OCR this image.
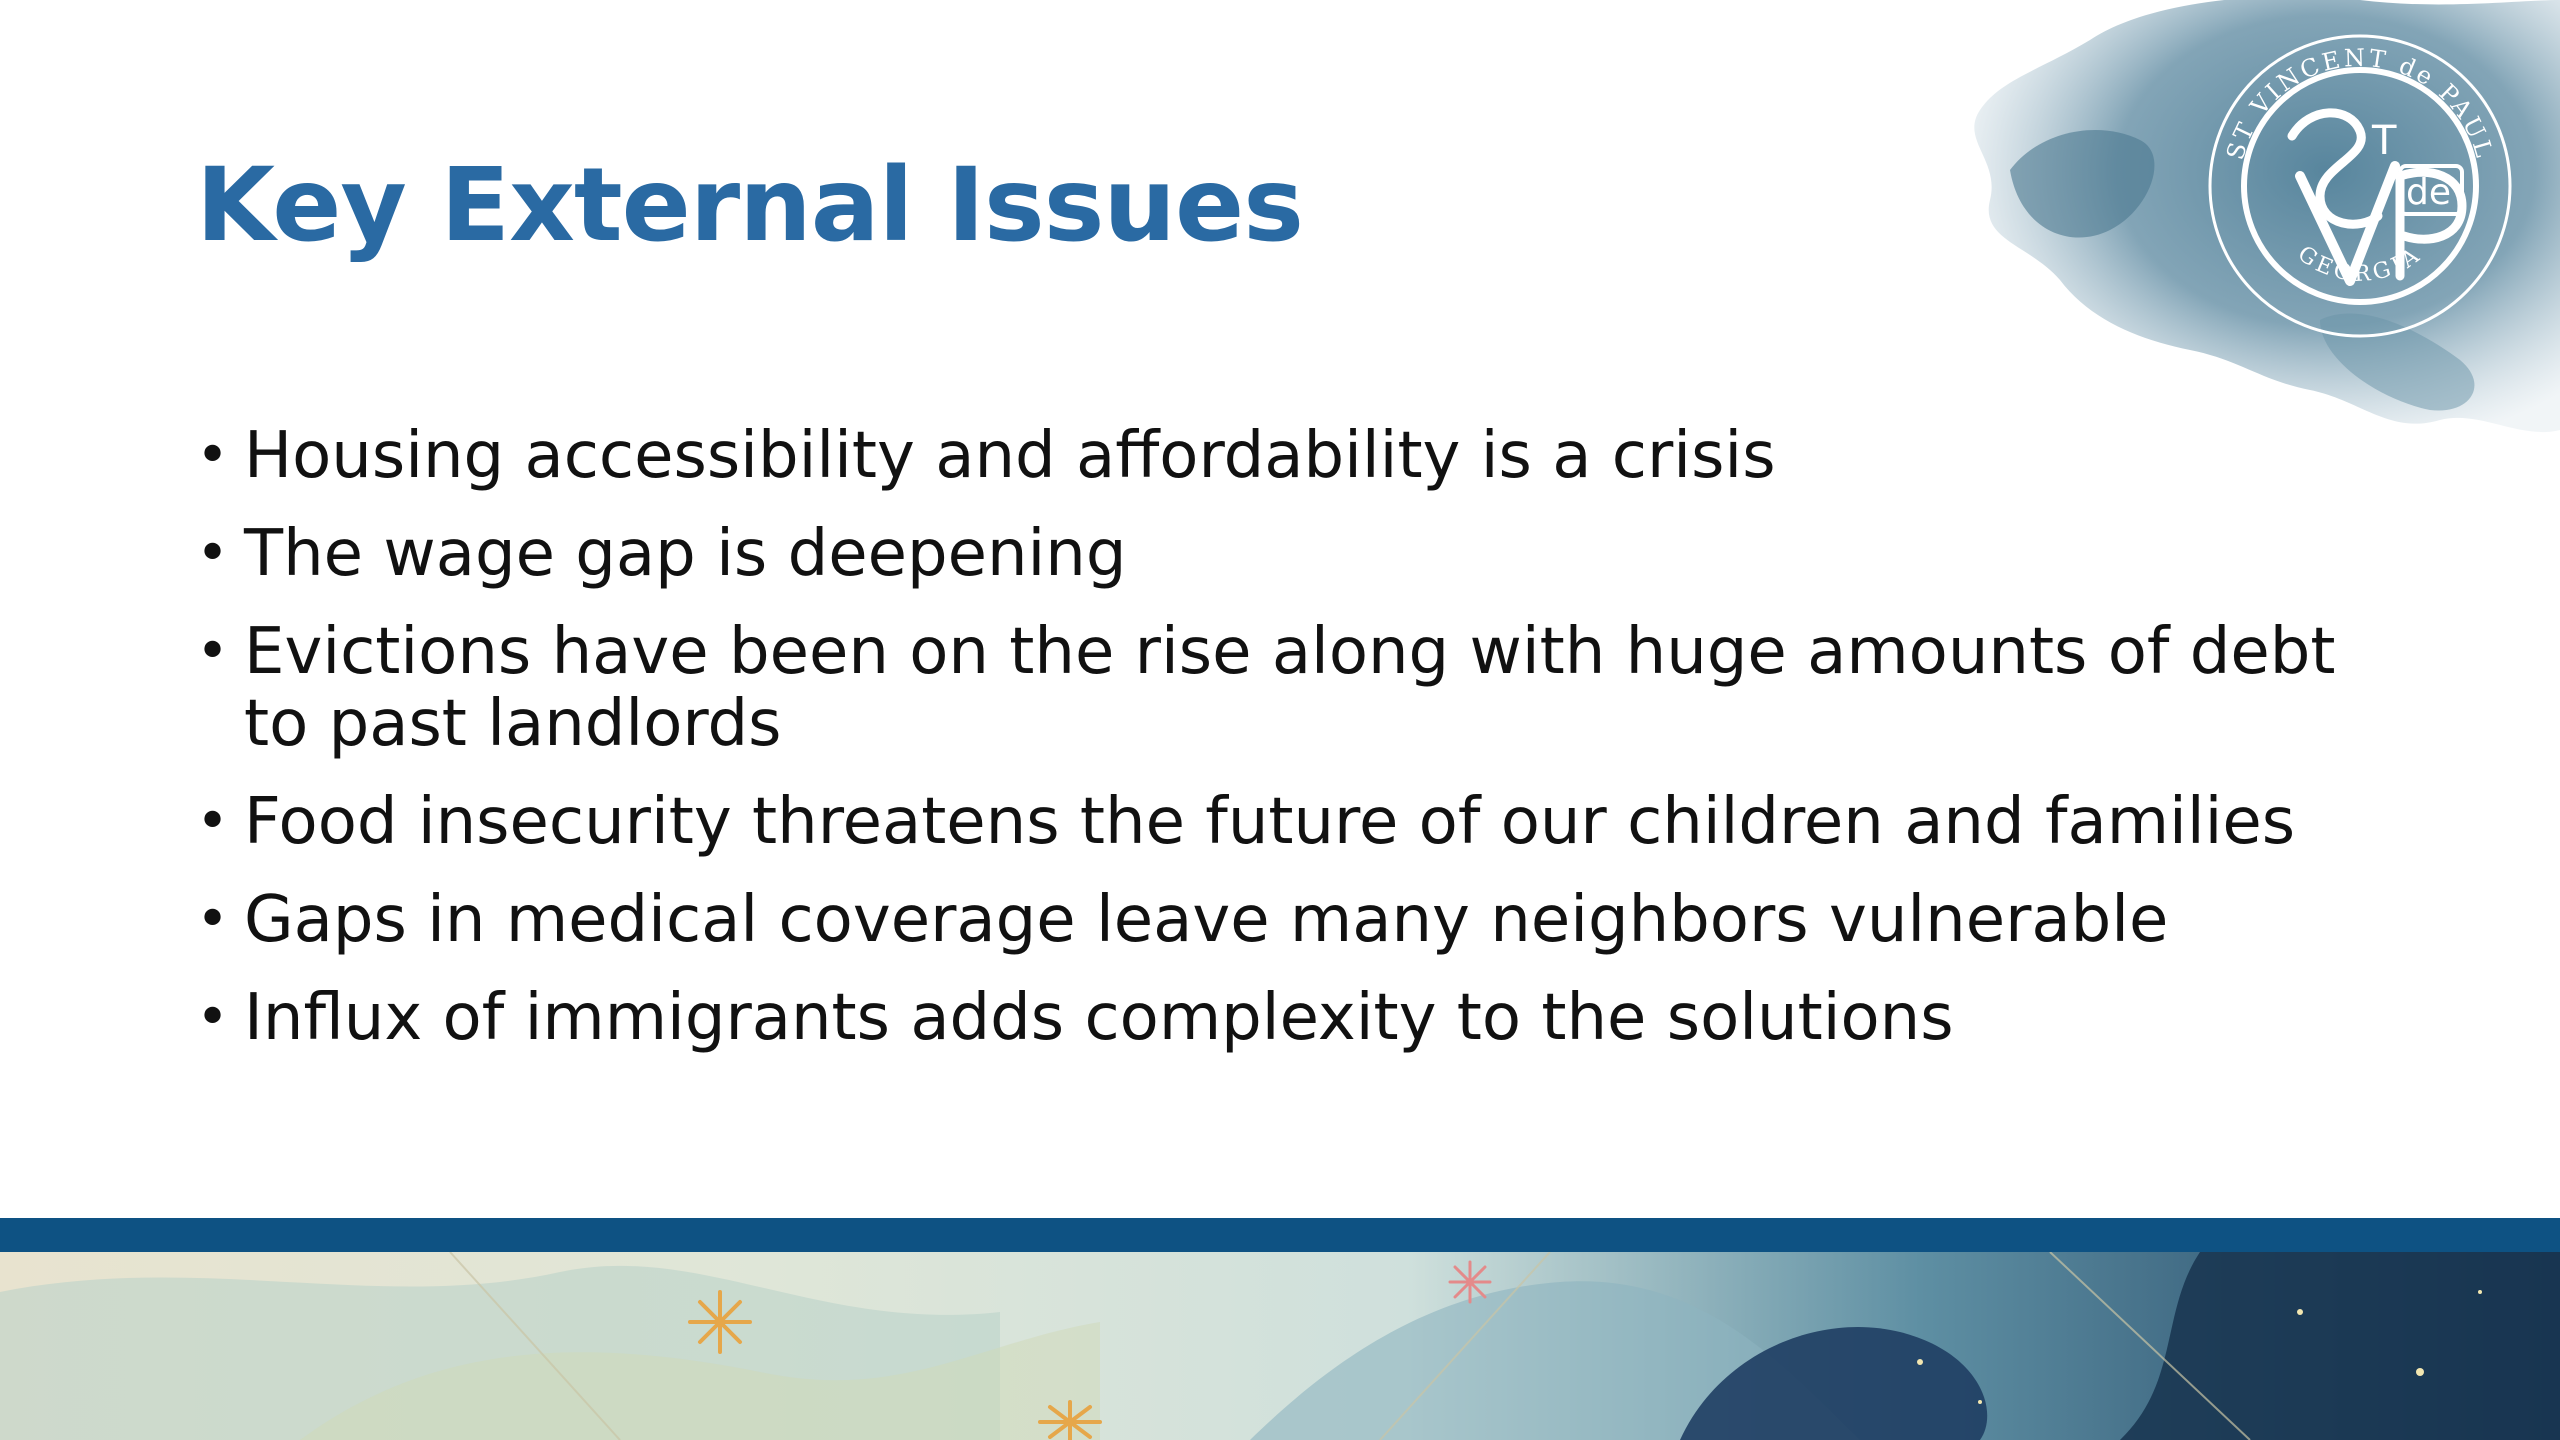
ST VINCENT de PAUL
GEORGIA
T
de
Key External Issues
• Housing accessibility and affordability is a crisis
• The wage gap is deepening
• Evictions have been on the rise along with huge amounts of debt to past landlords
• Food insecurity threatens the future of our children and families
• Gaps in medical coverage leave many neighbors vulnerable
• Influx of immigrants adds complexity to the solutions
